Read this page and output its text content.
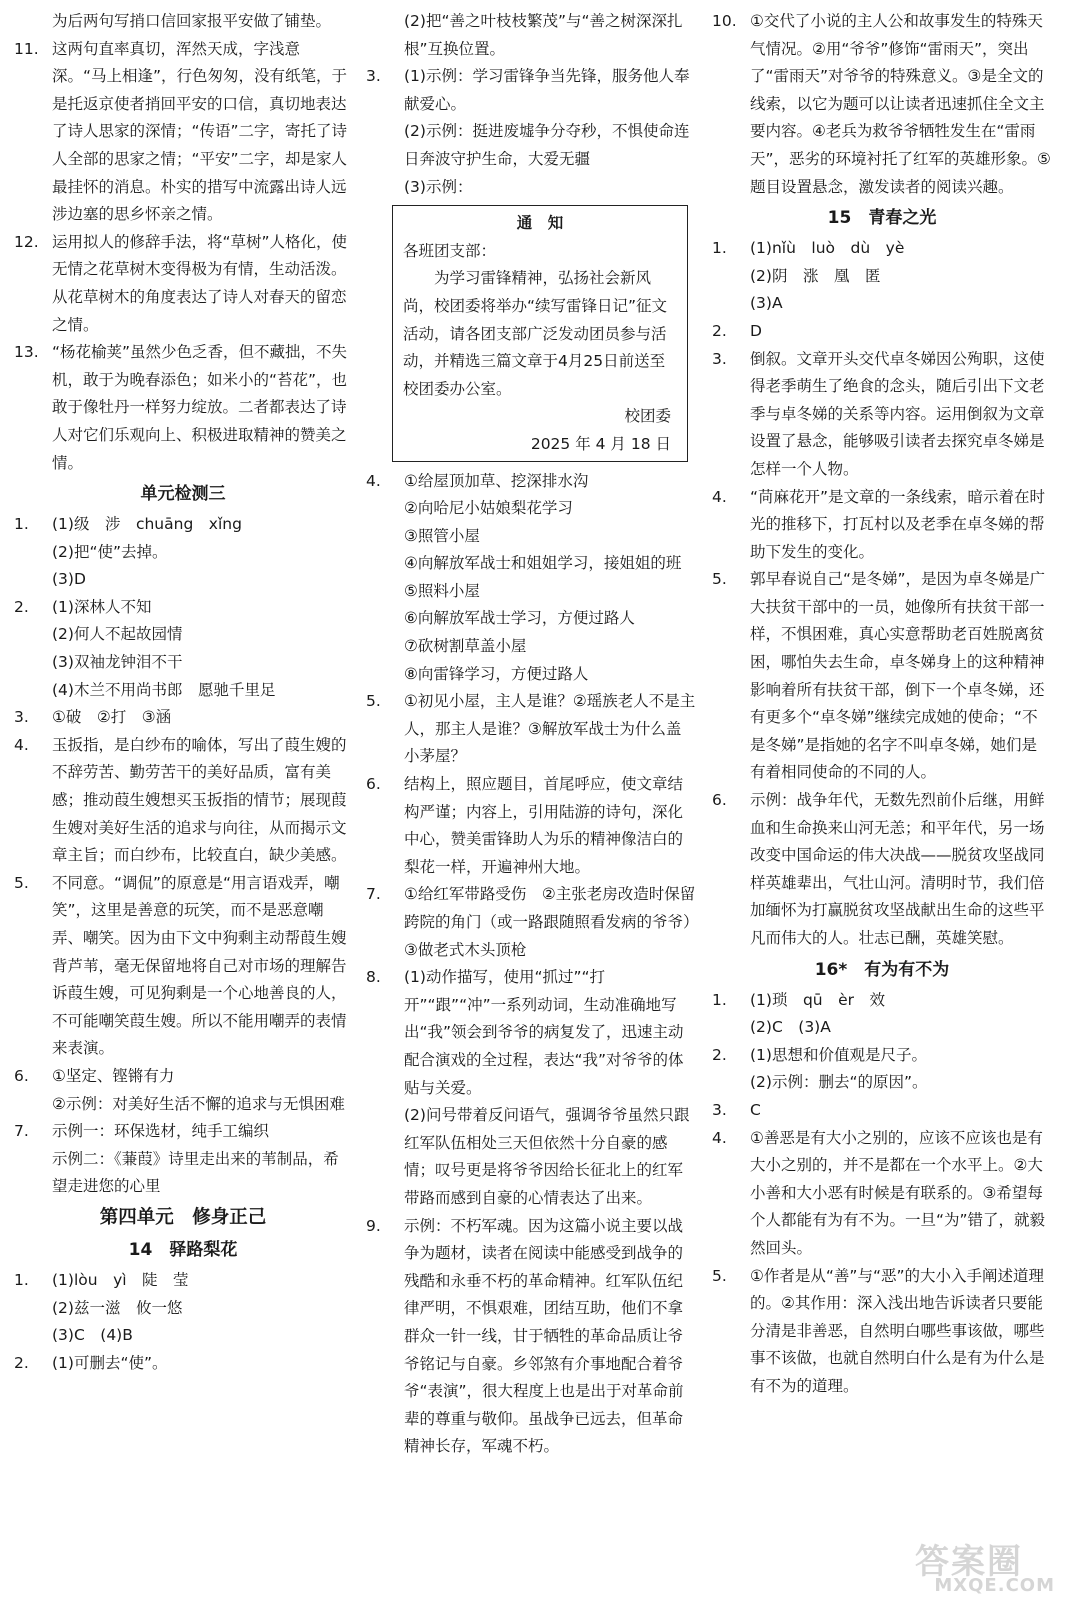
为后两句写捎口信回家报平安做了铺垫。
11. 这两句直率真切，浑然天成，字浅意深。“马上相逢”，行色匆匆，没有纸笔，于是托返京使者捎回平安的口信，真切地表达了诗人思家的深情；“传语”二字，寄托了诗人全部的思家之情；“平安”二字，却是家人最挂怀的消息。朴实的措写中流露出诗人远涉边塞的思乡怀亲之情。
12. 运用拟人的修辞手法，将“草树”人格化，使无情之花草树木变得极为有情，生动活泼。从花草树木的角度表达了诗人对春天的留恋之情。
13. “杨花榆荚”虽然少色乏香，但不藏拙，不失机，敢于为晚春添色；如米小的“苔花”，也敢于像牡丹一样努力绽放。二者都表达了诗人对它们乐观向上、积极进取精神的赞美之情。
单元检测三
1.	(1)级　涉　chuāng　xǐng
(2)把“使”去掉。
(3)D
2.	(1)深林人不知
(2)何人不起故园情
(3)双袖龙钟泪不干
(4)木兰不用尚书郎　愿驰千里足
3.	①破　②打　③涵
4.	玉扳指，是白纱布的喻体，写出了葭生嫂的不辞劳苦、勤劳苦干的美好品质，富有美感；推动葭生嫂想买玉扳指的情节；展现葭生嫂对美好生活的追求与向往，从而揭示文章主旨；而白纱布，比较直白，缺少美感。
5.	不同意。“调侃”的原意是“用言语戏弄，嘲笑”，这里是善意的玩笑，而不是恶意嘲弄、嘲笑。因为由下文中狗剩主动帮葭生嫂背芦苇，毫无保留地将自己对市场的理解告诉葭生嫂，可见狗剩是一个心地善良的人，不可能嘲笑葭生嫂。所以不能用嘲弄的表情来表演。
6.	①坚定、铿锵有力
②示例：对美好生活不懈的追求与无惧困难
7.	示例一：环保选材，纯手工编织
示例二：《蒹葭》诗里走出来的苇制品，希望走进您的心里
第四单元　修身正己
14　驿路梨花
1.	(1)lòu　yì　陡　莹
(2)兹一滋　攸一悠
(3)C　(4)B
2.	(1)可删去“使”。
(2)把“善之叶枝枝繁茂”与“善之树深深扎根”互换位置。
3.	(1)示例：学习雷锋争当先锋，服务他人奉献爱心。
(2)示例：挺进废墟争分夺秒，不惧使命连日奔波守护生命，大爱无疆
(3)示例：
通　知
各班团支部：
为学习雷锋精神，弘扬社会新风尚，校团委将举办“续写雷锋日记”征文活动，请各团支部广泛发动团员参与活动，并精选三篇文章于4月25日前送至校团委办公室。
校团委
2025 年 4 月 18 日
4.	①给屋顶加草、挖深排水沟
②向哈尼小姑娘梨花学习
③照管小屋
④向解放军战士和姐姐学习，接姐姐的班
⑤照料小屋
⑥向解放军战士学习，方便过路人
⑦砍树割草盖小屋
⑧向雷锋学习，方便过路人
5.	①初见小屋，主人是谁？②瑶族老人不是主人，那主人是谁？③解放军战士为什么盖小茅屋？
6.	结构上，照应题目，首尾呼应，使文章结构严谨；内容上，引用陆游的诗句，深化中心，赞美雷锋助人为乐的精神像洁白的梨花一样，开遍神州大地。
7.	①给红军带路受伤　②主张老房改造时保留跨院的角门（或一路跟随照看发病的爷爷）　③做老式木头顶枪
8.	(1)动作描写，使用“抓过”“打开”“跟”“冲”一系列动词，生动准确地写出“我”领会到爷爷的病复发了，迅速主动配合演戏的全过程，表达“我”对爷爷的体贴与关爱。
(2)问号带着反问语气，强调爷爷虽然只跟红军队伍相处三天但依然十分自豪的感情；叹号更是将爷爷因给长征北上的红军带路而感到自豪的心情表达了出来。
9.	示例：不朽军魂。因为这篇小说主要以战争为题材，读者在阅读中能感受到战争的残酷和永垂不朽的革命精神。红军队伍纪律严明，不惧艰难，团结互助，他们不拿群众一针一线，甘于牺牲的革命品质让爷爷铭记与自豪。乡邻煞有介事地配合着爷爷“表演”，很大程度上也是出于对革命前辈的尊重与敬仰。虽战争已远去，但革命精神长存，军魂不朽。
10. ①交代了小说的主人公和故事发生的特殊天气情况。②用“爷爷”修饰“雷雨天”，突出了“雷雨天”对爷爷的特殊意义。③是全文的线索，以它为题可以让读者迅速抓住全文主要内容。④老兵为救爷爷牺牲发生在“雷雨天”，恶劣的环境衬托了红军的英雄形象。⑤题目设置悬念，激发读者的阅读兴趣。
15　青春之光
1.	(1)nǐù　luò　dù　yè
(2)阴　涨　凰　匿
(3)A
2.	D
3.	倒叙。文章开头交代卓冬娣因公殉职，这使得老季萌生了绝食的念头，随后引出下文老季与卓冬娣的关系等内容。运用倒叙为文章设置了悬念，能够吸引读者去探究卓冬娣是怎样一个人物。
4.	“苘麻花开”是文章的一条线索，暗示着在时光的推移下，打瓦村以及老季在卓冬娣的帮助下发生的变化。
5.	郭早春说自己“是冬娣”，是因为卓冬娣是广大扶贫干部中的一员，她像所有扶贫干部一样，不惧困难，真心实意帮助老百姓脱离贫困，哪怕失去生命，卓冬娣身上的这种精神影响着所有扶贫干部，倒下一个卓冬娣，还有更多个“卓冬娣”继续完成她的使命；“不是冬娣”是指她的名字不叫卓冬娣，她们是有着相同使命的不同的人。
6.	示例：战争年代，无数先烈前仆后继，用鲜血和生命换来山河无恙；和平年代，另一场改变中国命运的伟大决战——脱贫攻坚战同样英雄辈出，气壮山河。清明时节，我们倍加缅怀为打赢脱贫攻坚战献出生命的这些平凡而伟大的人。壮志已酬，英雄笑慰。
16*　有为有不为
1.	(1)琐　qū　èr　效
(2)C　(3)A
2.	(1)思想和价值观是尺子。
(2)示例：删去“的原因”。
3.	C
4.	①善恶是有大小之别的，应该不应该也是有大小之别的，并不是都在一个水平上。②大小善和大小恶有时候是有联系的。③希望每个人都能有为有不为。一旦“为”错了，就毅然回头。
5.	①作者是从“善”与“恶”的大小入手阐述道理的。②其作用：深入浅出地告诉读者只要能分清是非善恶，自然明白哪些事该做，哪些事不该做，也就自然明白什么是有为什么是有不为的道理。
答案圈
MXQE.COM
